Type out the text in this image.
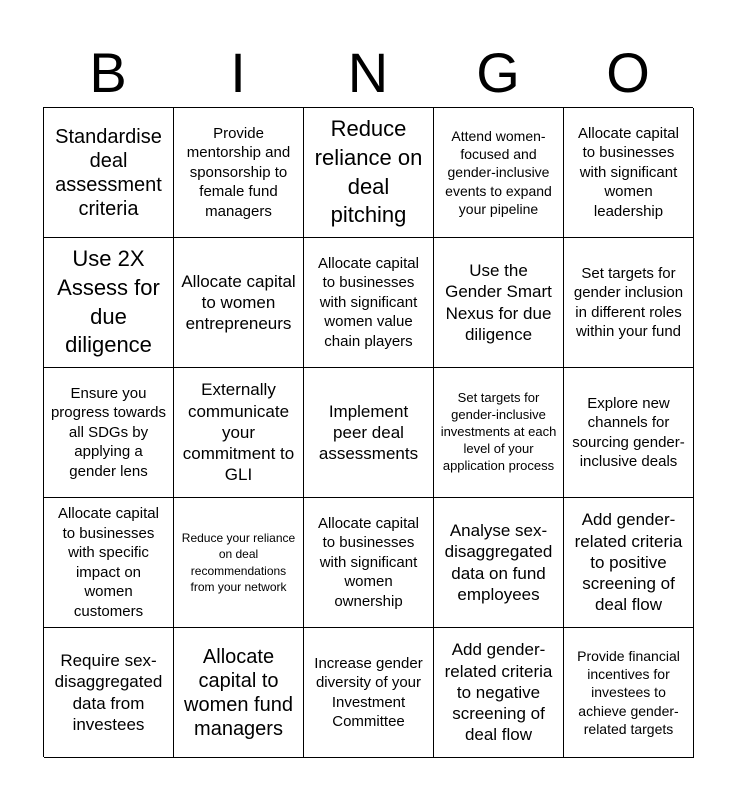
B	I	N	G	O
Standardise deal assessment criteria
Provide mentorship and sponsorship to female fund managers
Reduce reliance on deal pitching
Attend women-focused and gender-inclusive events to expand your pipeline
Allocate capital to businesses with significant women leadership
Use 2X Assess for due diligence
Allocate capital to women entrepreneurs
Allocate capital to businesses with significant women value chain players
Use the Gender Smart Nexus for due diligence
Set targets for gender inclusion in different roles within your fund
Ensure you progress towards all SDGs by applying a gender lens
Externally communicate your commitment to GLI
Implement peer deal assessments
Set targets for gender-inclusive investments at each level of your application process
Explore new channels for sourcing gender-inclusive deals
Allocate capital to businesses with specific impact on women customers
Reduce your reliance on deal recommendations from your network
Allocate capital to businesses with significant women ownership
Analyse sex-disaggregated data on fund employees
Add gender-related criteria to positive screening of deal flow
Require sex-disaggregated data from investees
Allocate capital to women fund managers
Increase gender diversity of your Investment Committee
Add gender-related criteria to negative screening of deal flow
Provide financial incentives for investees to achieve gender-related targets
